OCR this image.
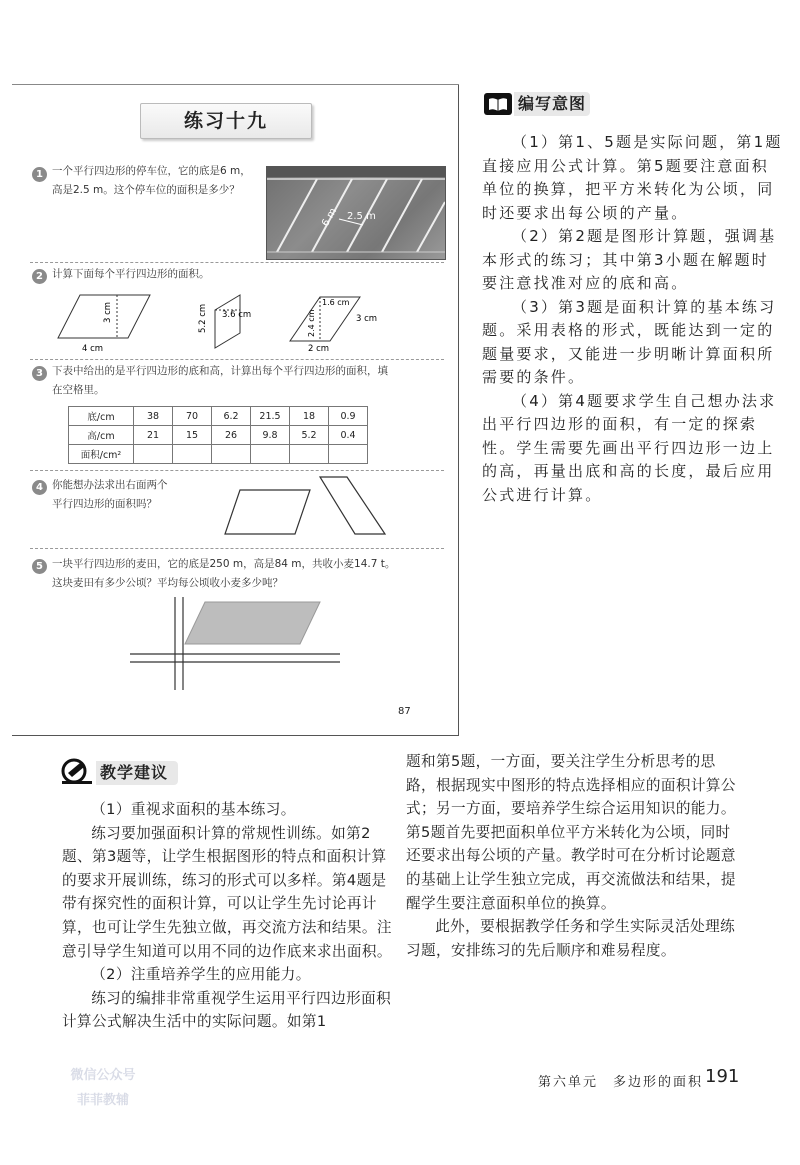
练习十九
1 一个平行四边形的停车位，它的底是6 m，高是2.5 m。这个停车位的面积是多少？
6 m 2.5 m
2 计算下面每个平行四边形的面积。
4 cm
3 cm	5.2 cm 3.6 cm
1.6 cm
3 cm
2.4 cm
2 cm
3 下表中给出的是平行四边形的底和高，计算出每个平行四边形的面积，填
在空格里。
底/cm	38	70	6.2	21.5	18	0.9
高/cm	21	15	26	9.8	5.2	0.4
面积/cm²						
4 你能想办法求出右面两个
平行四边形的面积吗？
5 一块平行四边形的麦田，它的底是250 m，高是84 m，共收小麦14.7 t。
这块麦田有多少公顷？平均每公顷收小麦多少吨？
87
编写意图

（1）第1、5题是实际问题，第1题直接应用公式计算。第5题要注意面积单位的换算，把平方米转化为公顷，同时还要求出每公顷的产量。

（2）第2题是图形计算题，强调基本形式的练习；其中第3小题在解题时要注意找准对应的底和高。

（3）第3题是面积计算的基本练习题。采用表格的形式，既能达到一定的题量要求，又能进一步明晰计算面积所需要的条件。

（4）第4题要求学生自己想办法求出平行四边形的面积，有一定的探索性。学生需要先画出平行四边形一边上的高，再量出底和高的长度，最后应用公式进行计算。

教学建议

（1）重视求面积的基本练习。

练习要加强面积计算的常规性训练。如第2题、第3题等，让学生根据图形的特点和面积计算的要求开展训练，练习的形式可以多样。第4题是带有探究性的面积计算，可以让学生先讨论再计算，也可让学生先独立做，再交流方法和结果。注意引导学生知道可以用不同的边作底来求出面积。

（2）注重培养学生的应用能力。

练习的编排非常重视学生运用平行四边形面积计算公式解决生活中的实际问题。如第1

题和第5题，一方面，要关注学生分析思考的思路，根据现实中图形的特点选择相应的面积计算公式；另一方面，要培养学生综合运用知识的能力。第5题首先要把面积单位平方米转化为公顷，同时还要求出每公顷的产量。教学时可在分析讨论题意的基础上让学生独立完成，再交流做法和结果，提醒学生要注意面积单位的换算。

此外，要根据教学任务和学生实际灵活处理练习题，安排练习的先后顺序和难易程度。

第六单元　多边形的面积 191
微信公众号
菲菲教辅
